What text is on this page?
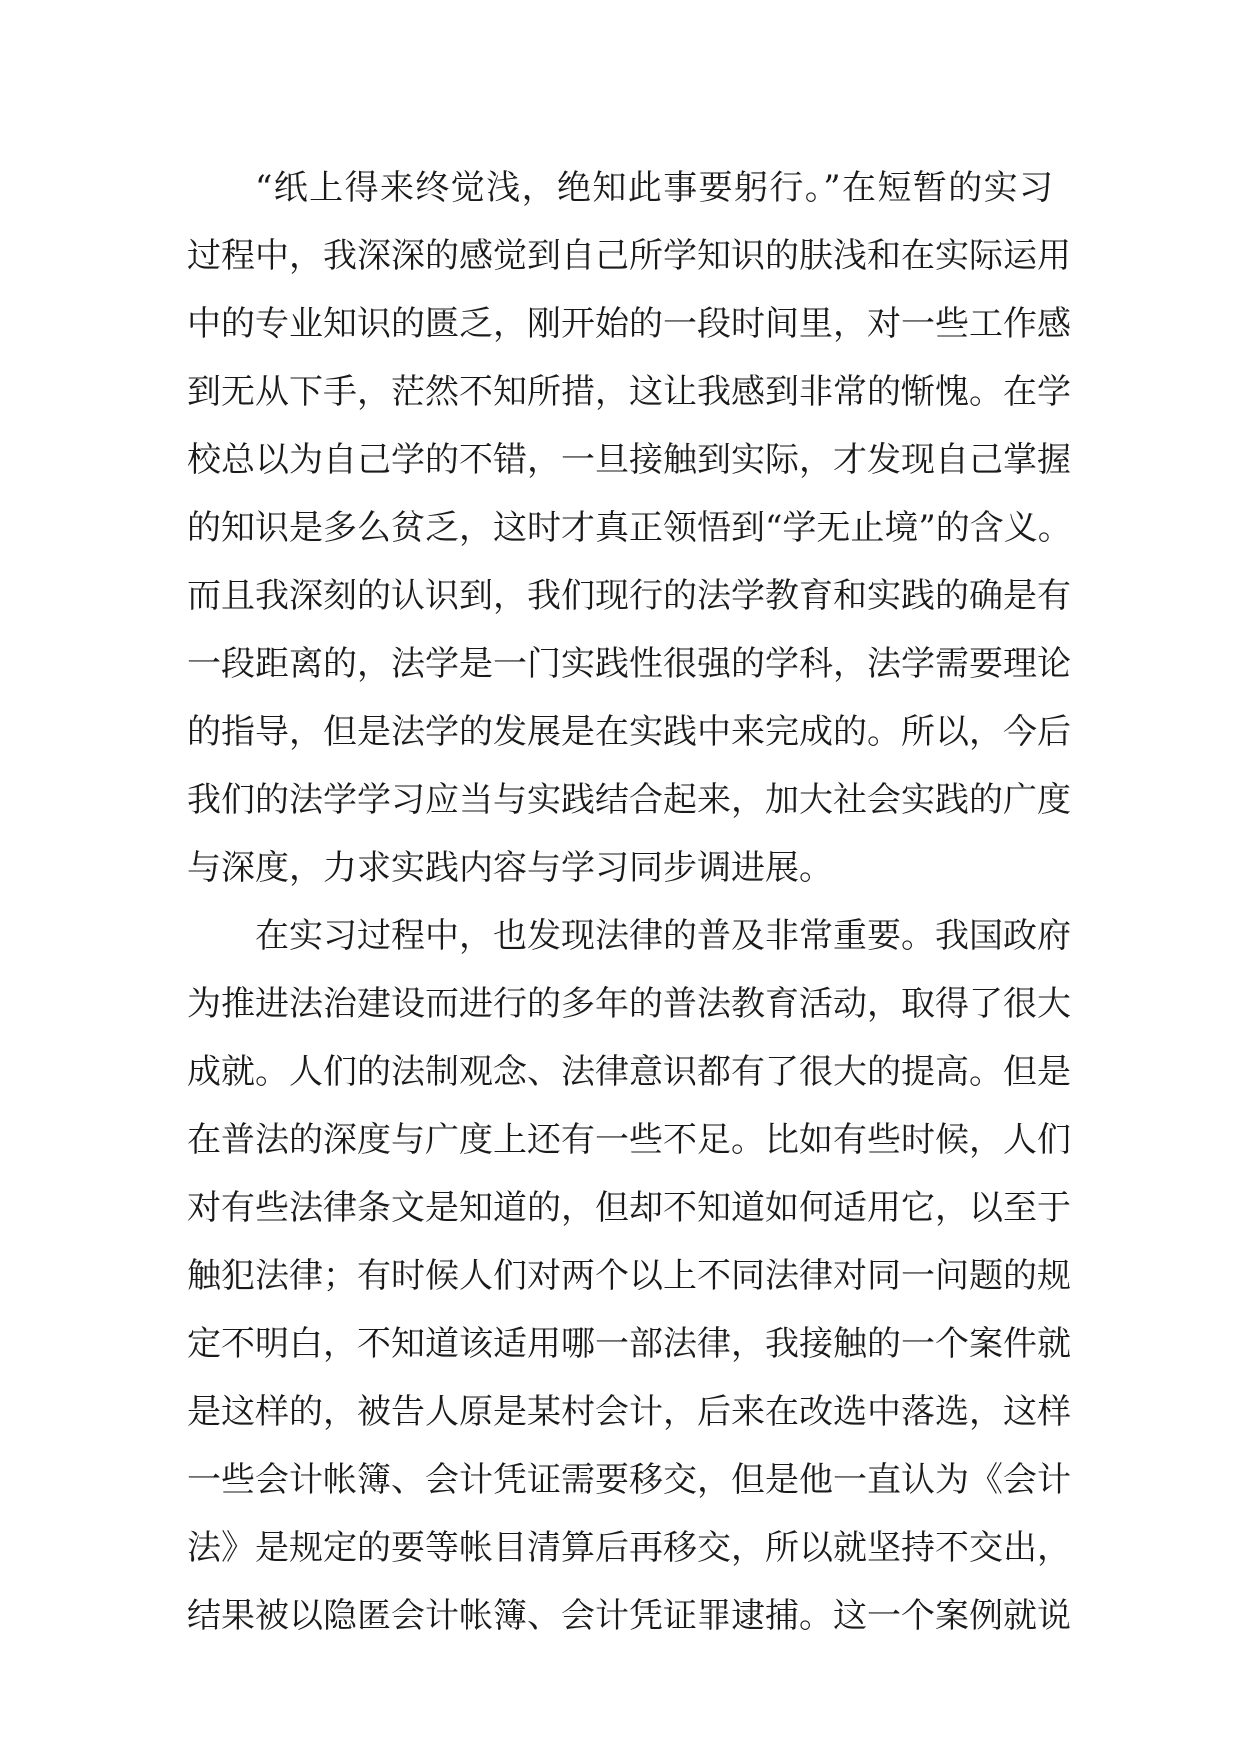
“纸上得来终觉浅，绝知此事要躬行。”在短暂的实习
过程中，我深深的感觉到自己所学知识的肤浅和在实际运用
中的专业知识的匮乏，刚开始的一段时间里，对一些工作感
到无从下手，茫然不知所措，这让我感到非常的惭愧。在学
校总以为自己学的不错，一旦接触到实际，才发现自己掌握
的知识是多么贫乏，这时才真正领悟到“学无止境”的含义。
而且我深刻的认识到，我们现行的法学教育和实践的确是有
一段距离的，法学是一门实践性很强的学科，法学需要理论
的指导，但是法学的发展是在实践中来完成的。所以，今后
我们的法学学习应当与实践结合起来，加大社会实践的广度
与深度，力求实践内容与学习同步调进展。
在实习过程中，也发现法律的普及非常重要。我国政府
为推进法治建设而进行的多年的普法教育活动，取得了很大
成就。人们的法制观念、法律意识都有了很大的提高。但是
在普法的深度与广度上还有一些不足。比如有些时候，人们
对有些法律条文是知道的，但却不知道如何适用它，以至于
触犯法律；有时候人们对两个以上不同法律对同一问题的规
定不明白，不知道该适用哪一部法律，我接触的一个案件就
是这样的，被告人原是某村会计，后来在改选中落选，这样
一些会计帐簿、会计凭证需要移交，但是他一直认为《会计
法》是规定的要等帐目清算后再移交，所以就坚持不交出，
结果被以隐匿会计帐簿、会计凭证罪逮捕。这一个案例就说
